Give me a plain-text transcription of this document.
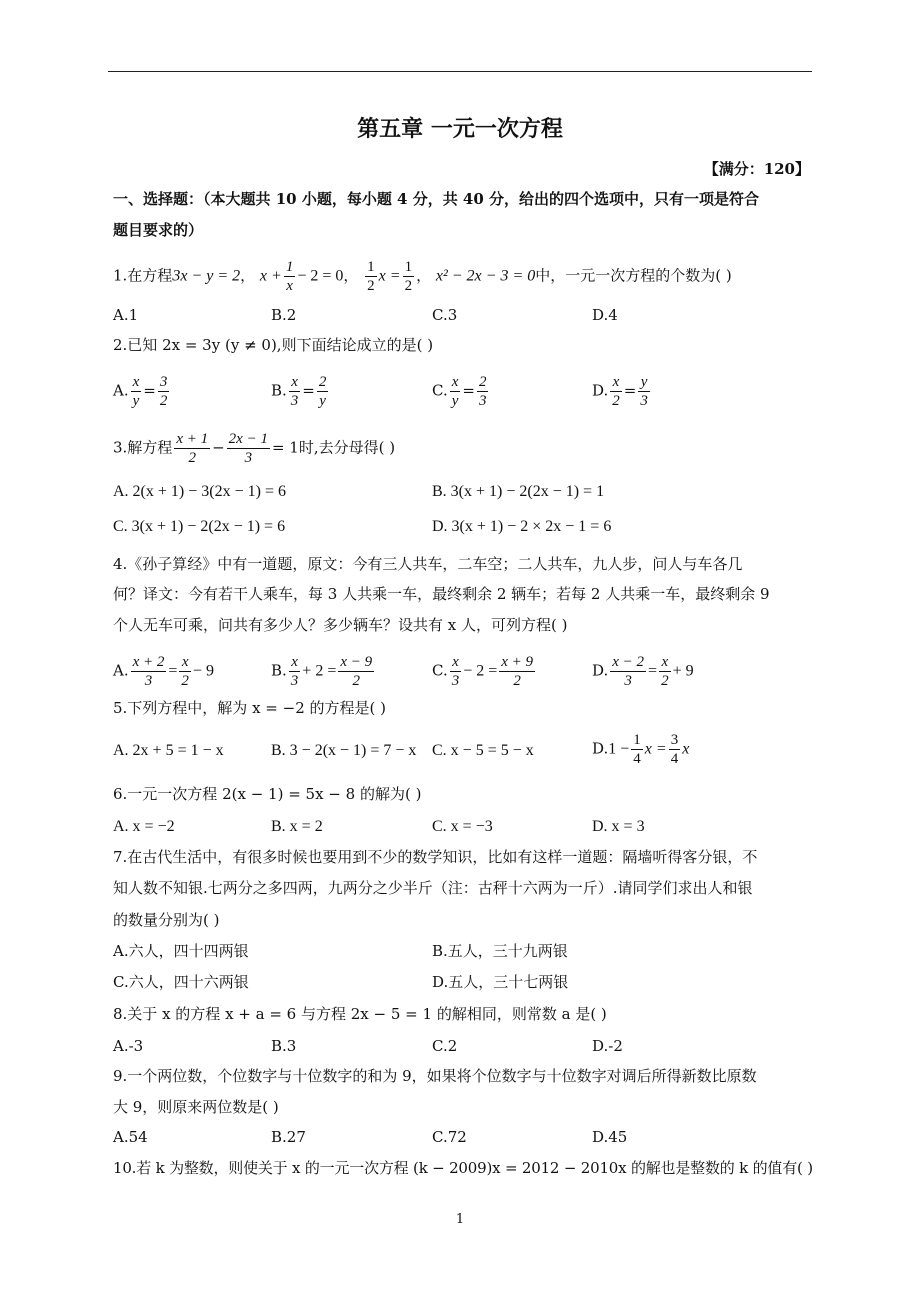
第五章 一元一次方程
【满分：120】
一、选择题：（本大题共 10 小题，每小题 4 分，共 40 分，给出的四个选项中，只有一项是符合
题目要求的）
1.在方程3x − y = 2， $x + \frac{1}{x} - 2 = 0$， $\frac{1}{2}$ $x = \frac{1}{2}$ ， x² − 2x − 3 = 0中，一元一次方程的个数为( )
A.1	B.2	C.3	D.4
2.已知 2x = 3y (y ≠ 0),则下面结论成立的是( )
A. $\frac{x}{y} = \frac{3}{2}$	B. $\frac{x}{3} = \frac{2}{y}$	C. $\frac{x}{y} = \frac{2}{3}$	D. $\frac{x}{2} = \frac{y}{3}$
3.解方程 $\frac{x + 1}{2} - \frac{2x - 1}{3} = 1$时,去分母得( )
A. 2(x + 1) − 3(2x − 1) = 6	B. 3(x + 1) − 2(2x − 1) = 1
C. 3(x + 1) − 2(2x − 1) = 6	D. 3(x + 1) − 2 × 2x − 1 = 6
4.《孙子算经》中有一道题，原文：今有三人共车，二车空；二人共车，九人步，问人与车各几
何？译文：今有若干人乘车，每 3 人共乘一车，最终剩余 2 辆车；若每 2 人共乘一车，最终剩余 9
个人无车可乘，问共有多少人？多少辆车？设共有 x 人，可列方程( )
A. $\frac{x + 2}{3} = \frac{x}{2} - 9$	B. $\frac{x}{3} + 2 = \frac{x - 9}{2}$	C. $\frac{x}{3} - 2 = \frac{x + 9}{2}$	D. $\frac{x - 2}{3} = \frac{x}{2} + 9$
5.下列方程中，解为 x = −2 的方程是( )
A. 2x + 5 = 1 − x	B. 3 − 2(x − 1) = 7 − x C. x − 5 = 5 − x	$D.1 - \frac{1}{4}$ $x = \frac{3}{4}$ x
6.一元一次方程 2(x − 1) = 5x − 8 的解为( )
A. x = −2	B. x = 2	C. x = −3	D. x = 3
7.在古代生活中，有很多时候也要用到不少的数学知识，比如有这样一道题：隔墙听得客分银，不
知人数不知银.七两分之多四两，九两分之少半斤（注：古秤十六两为一斤）.请同学们求出人和银
的数量分别为( )
A.六人，四十四两银	B.五人，三十九两银
C.六人，四十六两银	D.五人，三十七两银
8.关于 x 的方程 x + a = 6 与方程 2x − 5 = 1 的解相同，则常数 a 是( )
A.-3	B.3	C.2	D.-2
9.一个两位数，个位数字与十位数字的和为 9，如果将个位数字与十位数字对调后所得新数比原数
大 9，则原来两位数是( )
A.54	B.27	C.72	D.45
10.若 k 为整数，则使关于 x 的一元一次方程 (k − 2009)x = 2012 − 2010x 的解也是整数的 k 的值有( )
1
